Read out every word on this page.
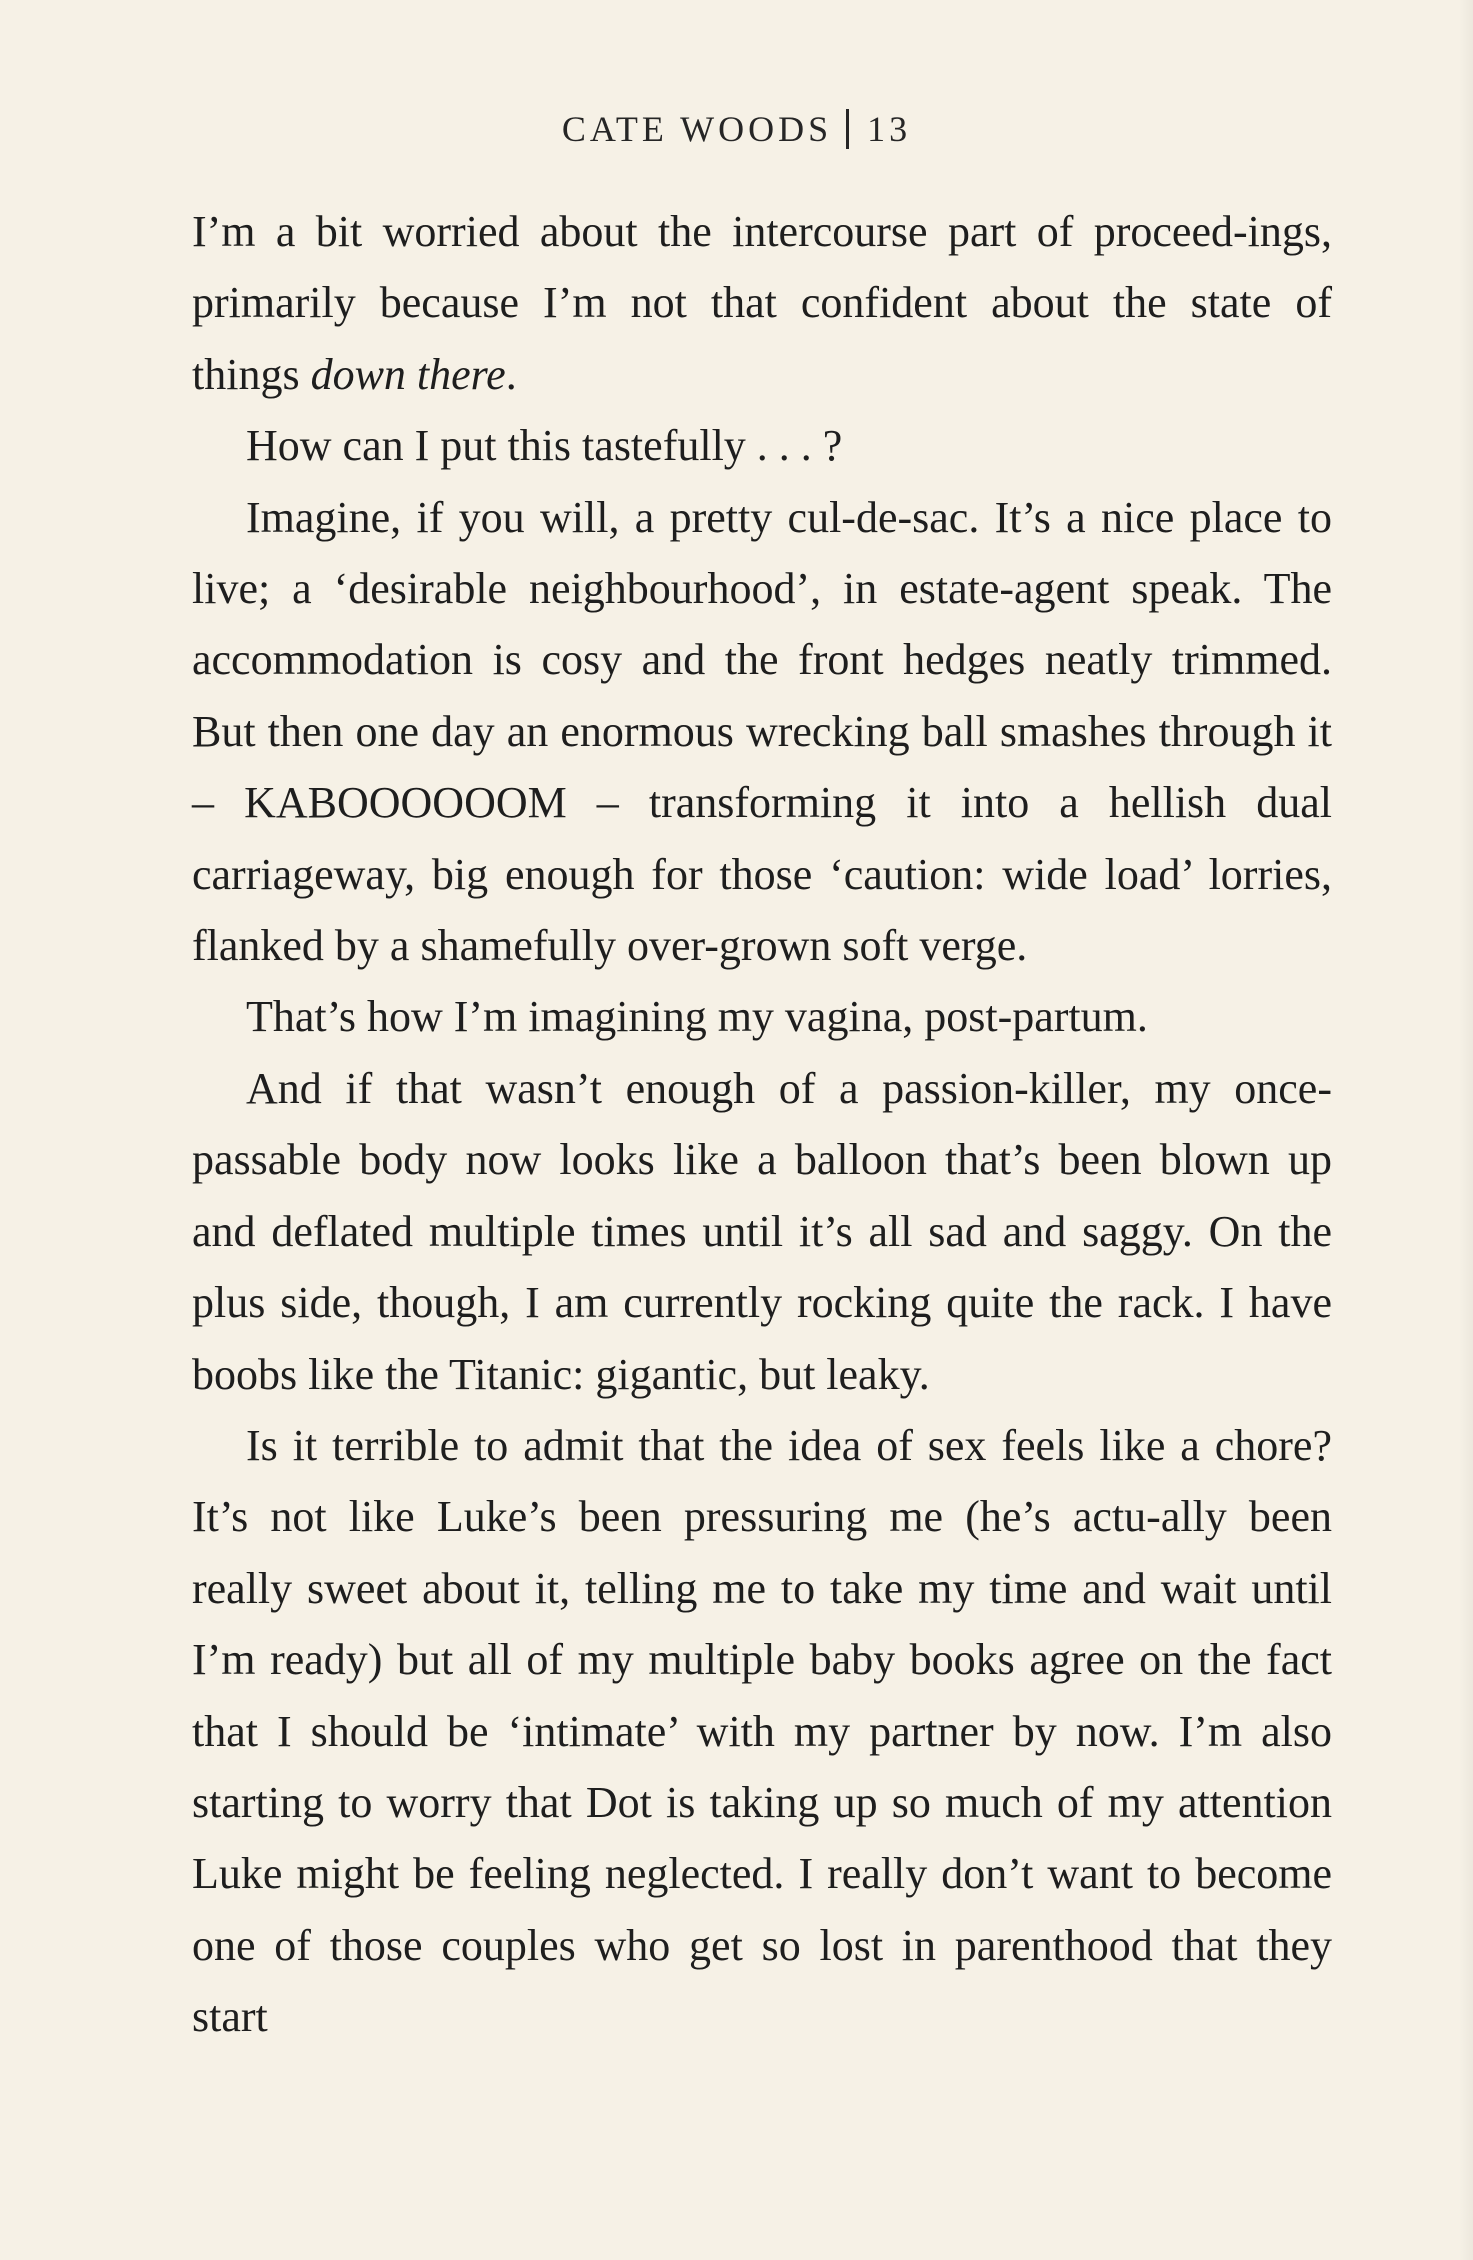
CATE WOODS 13

I’m a bit worried about the intercourse part of proceed-ings, primarily because I’m not that confident about the state of things down there.

How can I put this tastefully . . . ?

Imagine, if you will, a pretty cul-de-sac. It’s a nice place to live; a ‘desirable neighbourhood’, in estate-agent speak. The accommodation is cosy and the front hedges neatly trimmed. But then one day an enormous wrecking ball smashes through it – KABOOOOOOM – transforming it into a hellish dual carriageway, big enough for those ‘caution: wide load’ lorries, flanked by a shamefully over-grown soft verge.

That’s how I’m imagining my vagina, post-partum.

And if that wasn’t enough of a passion-killer, my once-passable body now looks like a balloon that’s been blown up and deflated multiple times until it’s all sad and saggy. On the plus side, though, I am currently rocking quite the rack. I have boobs like the Titanic: gigantic, but leaky.

Is it terrible to admit that the idea of sex feels like a chore? It’s not like Luke’s been pressuring me (he’s actu-ally been really sweet about it, telling me to take my time and wait until I’m ready) but all of my multiple baby books agree on the fact that I should be ‘intimate’ with my partner by now. I’m also starting to worry that Dot is taking up so much of my attention Luke might be feeling neglected. I really don’t want to become one of those couples who get so lost in parenthood that they start
